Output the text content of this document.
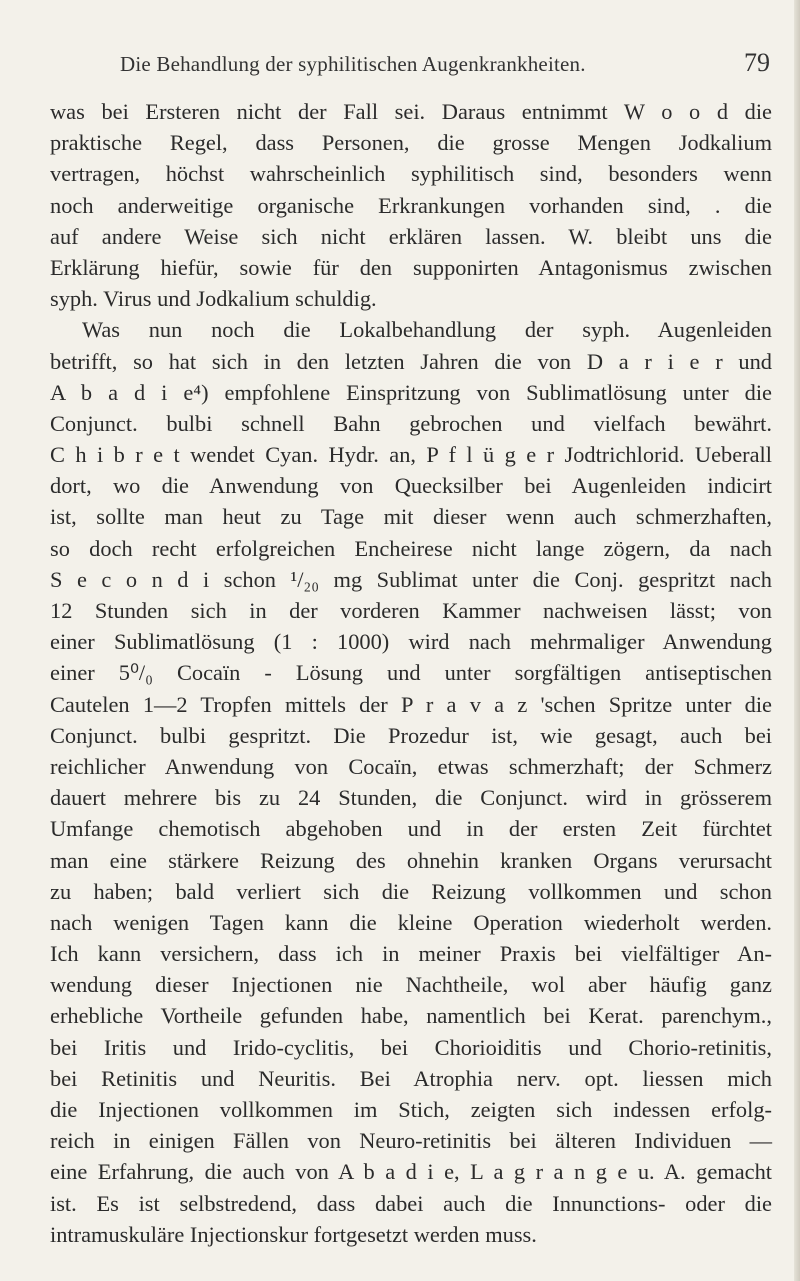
Die Behandlung der syphilitischen Augenkrankheiten.	79
was bei Ersteren nicht der Fall sei. Daraus entnimmt W o o d die
praktische Regel, dass Personen, die grosse Mengen Jodkalium
vertragen, höchst wahrscheinlich syphilitisch sind, besonders wenn
noch anderweitige organische Erkrankungen vorhanden sind, . die
auf andere Weise sich nicht erklären lassen. W. bleibt uns die
Erklärung hiefür, sowie für den supponirten Antagonismus zwischen
syph. Virus und Jodkalium schuldig.
Was nun noch die Lokalbehandlung der syph. Augenleiden
betrifft, so hat sich in den letzten Jahren die von D a r i e r und
A b a d i e⁴) empfohlene Einspritzung von Sublimatlösung unter die
Conjunct. bulbi schnell Bahn gebrochen und vielfach bewährt.
C h i b r e t wendet Cyan. Hydr. an, P f l ü g e r Jodtrichlorid. Ueberall
dort, wo die Anwendung von Quecksilber bei Augenleiden indicirt
ist, sollte man heut zu Tage mit dieser wenn auch schmerzhaften,
so doch recht erfolgreichen Encheirese nicht lange zögern, da nach
S e c o n d i schon ¹/₂₀ mg Sublimat unter die Conj. gespritzt nach
12 Stunden sich in der vorderen Kammer nachweisen lässt; von
einer Sublimatlösung (1 : 1000) wird nach mehrmaliger Anwendung
einer 5⁰/₀ Cocaïn - Lösung und unter sorgfältigen antiseptischen
Cautelen 1—2 Tropfen mittels der P r a v a z 'schen Spritze unter die
Conjunct. bulbi gespritzt. Die Prozedur ist, wie gesagt, auch bei
reichlicher Anwendung von Cocaïn, etwas schmerzhaft; der Schmerz
dauert mehrere bis zu 24 Stunden, die Conjunct. wird in grösserem
Umfange chemotisch abgehoben und in der ersten Zeit fürchtet
man eine stärkere Reizung des ohnehin kranken Organs verursacht
zu haben; bald verliert sich die Reizung vollkommen und schon
nach wenigen Tagen kann die kleine Operation wiederholt werden.
Ich kann versichern, dass ich in meiner Praxis bei vielfältiger An-
wendung dieser Injectionen nie Nachtheile, wol aber häufig ganz
erhebliche Vortheile gefunden habe, namentlich bei Kerat. parenchym.,
bei Iritis und Irido-cyclitis, bei Chorioiditis und Chorio-retinitis,
bei Retinitis und Neuritis. Bei Atrophia nerv. opt. liessen mich
die Injectionen vollkommen im Stich, zeigten sich indessen erfolg-
reich in einigen Fällen von Neuro-retinitis bei älteren Individuen —
eine Erfahrung, die auch von A b a d i e, L a g r a n g e u. A. gemacht
ist. Es ist selbstredend, dass dabei auch die Innunctions- oder die
intramuskuläre Injectionskur fortgesetzt werden muss.
